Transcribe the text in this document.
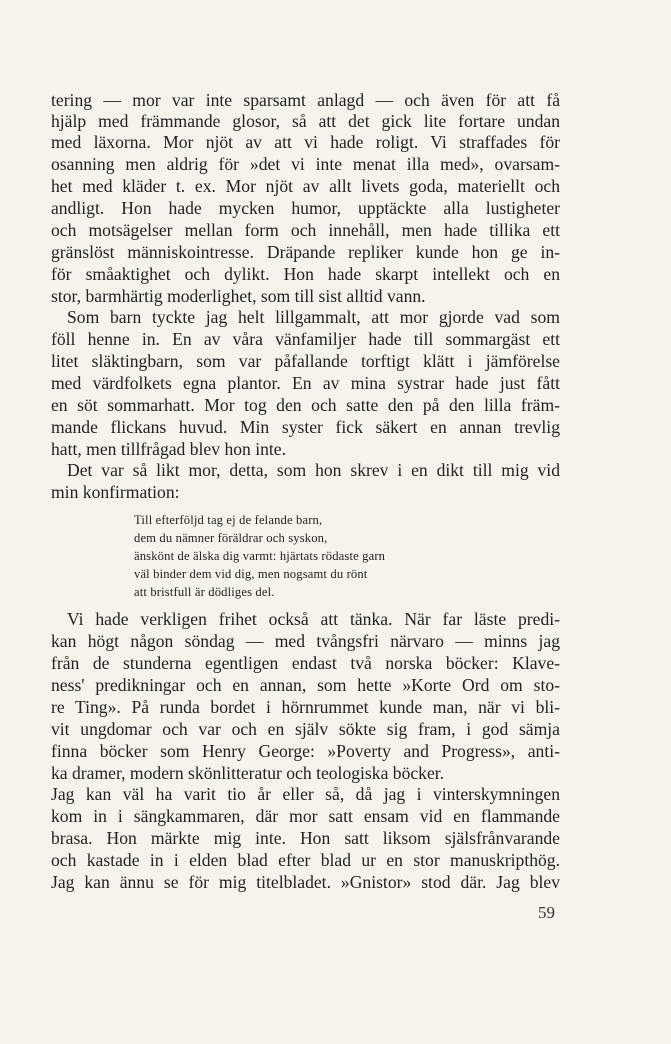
tering — mor var inte sparsamt anlagd — och även för att få
hjälp med främmande glosor, så att det gick lite fortare undan
med läxorna. Mor njöt av att vi hade roligt. Vi straffades för
osanning men aldrig för »det vi inte menat illa med», ovarsam-
het med kläder t. ex. Mor njöt av allt livets goda, materiellt och
andligt. Hon hade mycken humor, upptäckte alla lustigheter
och motsägelser mellan form och innehåll, men hade tillika ett
gränslöst människointresse. Dräpande repliker kunde hon ge in-
för småaktighet och dylikt. Hon hade skarpt intellekt och en
stor, barmhärtig moderlighet, som till sist alltid vann.
Som barn tyckte jag helt lillgammalt, att mor gjorde vad som
föll henne in. En av våra vänfamiljer hade till sommargäst ett
litet släktingbarn, som var påfallande torftigt klätt i jämförelse
med värdfolkets egna plantor. En av mina systrar hade just fått
en söt sommarhatt. Mor tog den och satte den på den lilla främ-
mande flickans huvud. Min syster fick säkert en annan trevlig
hatt, men tillfrågad blev hon inte.
Det var så likt mor, detta, som hon skrev i en dikt till mig vid
min konfirmation:
Till efterföljd tag ej de felande barn,
dem du nämner föräldrar och syskon,
änskönt de älska dig varmt: hjärtats rödaste garn
väl binder dem vid dig, men nogsamt du rönt
att bristfull är dödliges del.
Vi hade verkligen frihet också att tänka. När far läste predi-
kan högt någon söndag — med tvångsfri närvaro — minns jag
från de stunderna egentligen endast två norska böcker: Klave-
ness' predikningar och en annan, som hette »Korte Ord om sto-
re Ting». På runda bordet i hörnrummet kunde man, när vi bli-
vit ungdomar och var och en själv sökte sig fram, i god sämja
finna böcker som Henry George: »Poverty and Progress», anti-
ka dramer, modern skönlitteratur och teologiska böcker.
Jag kan väl ha varit tio år eller så, då jag i vinterskymningen
kom in i sängkammaren, där mor satt ensam vid en flammande
brasa. Hon märkte mig inte. Hon satt liksom själsfrånvarande
och kastade in i elden blad efter blad ur en stor manuskripthög.
Jag kan ännu se för mig titelbladet. »Gnistor» stod där. Jag blev
59
